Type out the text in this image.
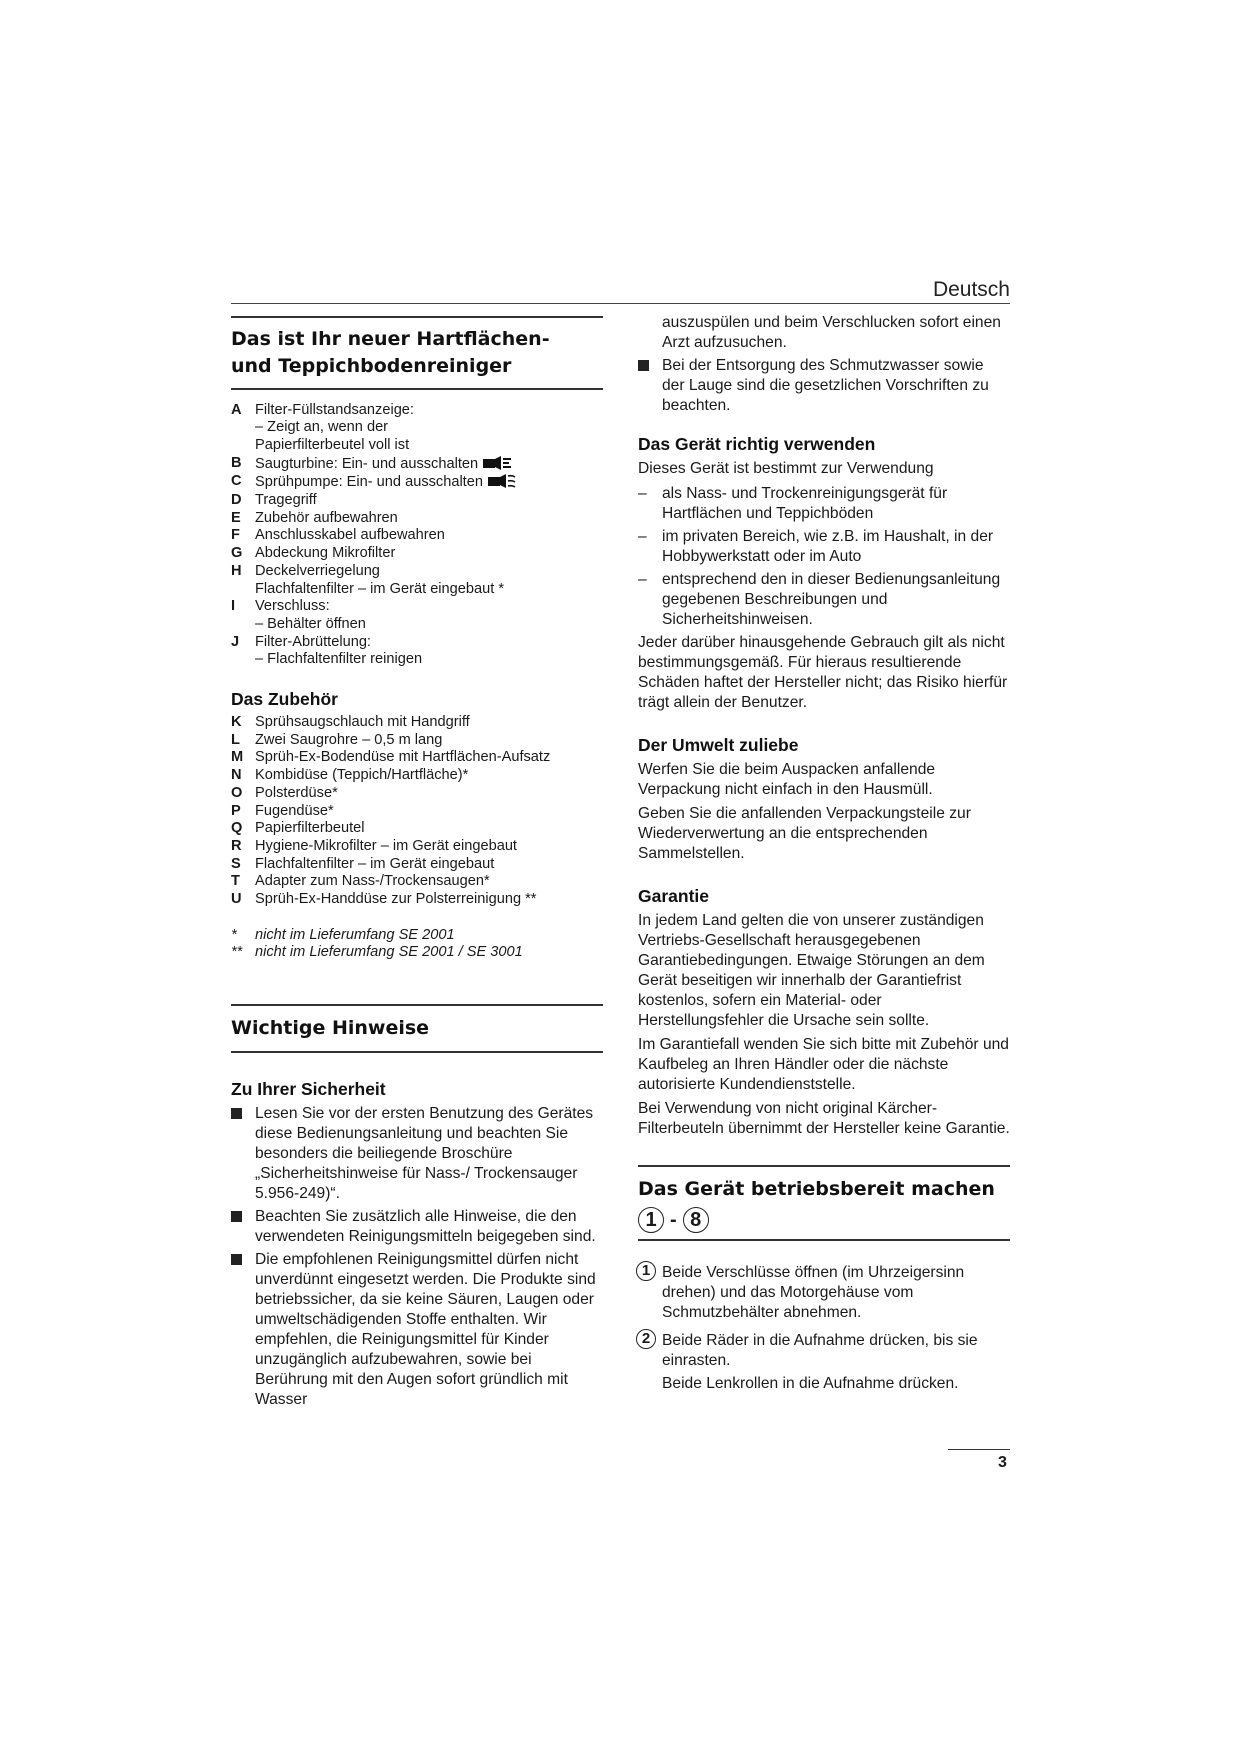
Deutsch
Das ist Ihr neuer Hartflächen-
und Teppichbodenreiniger
A Filter-Füllstandsanzeige:
– Zeigt an, wenn der
Papierfilterbeutel voll ist
B Saugturbine: Ein- und ausschalten
C Sprühpumpe: Ein- und ausschalten
D Tragegriff
E Zubehör aufbewahren
F	Anschlusskabel aufbewahren
G Abdeckung Mikrofilter
H Deckelverriegelung
Flachfaltenfilter – im Gerät eingebaut *
I	Verschluss:
– Behälter öffnen
J	Filter-Abrüttelung:
– Flachfaltenfilter reinigen
Das Zubehör
K Sprühsaugschlauch mit Handgriff
L	Zwei Saugrohre – 0,5 m lang
M Sprüh-Ex-Bodendüse mit Hartflächen-Aufsatz
N Kombidüse (Teppich/Hartfläche)*
O Polsterdüse*
P Fugendüse*
Q Papierfilterbeutel
R Hygiene-Mikrofilter – im Gerät eingebaut
S Flachfaltenfilter – im Gerät eingebaut
T	Adapter zum Nass-/Trockensaugen*
U Sprüh-Ex-Handdüse zur Polsterreinigung **
* nicht im Lieferumfang SE 2001
** nicht im Lieferumfang SE 2001 / SE 3001
Wichtige Hinweise
Zu Ihrer Sicherheit
Lesen Sie vor der ersten Benutzung des Gerätes diese Bedienungsanleitung und beachten Sie besonders die beiliegende Broschüre „Sicherheitshinweise für Nass-/ Trockensauger 5.956-249)“.
Beachten Sie zusätzlich alle Hinweise, die den verwendeten Reinigungsmitteln beigegeben sind.
Die empfohlenen Reinigungsmittel dürfen nicht unverdünnt eingesetzt werden. Die Produkte sind betriebssicher, da sie keine Säuren, Laugen oder umweltschädigenden Stoffe enthalten. Wir empfehlen, die Reinigungsmittel für Kinder unzugänglich aufzubewahren, sowie bei Berührung mit den Augen sofort gründlich mit Wasser

auszuspülen und beim Verschlucken sofort einen Arzt aufzusuchen.

Bei der Entsorgung des Schmutzwasser sowie der Lauge sind die gesetzlichen Vorschriften zu beachten.
Das Gerät richtig verwenden

Dieses Gerät ist bestimmt zur Verwendung

– als Nass- und Trockenreinigungsgerät für Hartflächen und Teppichböden
– im privaten Bereich, wie z.B. im Haushalt, in der Hobbywerkstatt oder im Auto
– entsprechend den in dieser Bedienungsanleitung gegebenen Beschreibungen und Sicherheitshinweisen.

Jeder darüber hinausgehende Gebrauch gilt als nicht bestimmungsgemäß. Für hieraus resultierende Schäden haftet der Hersteller nicht; das Risiko hierfür trägt allein der Benutzer.

Der Umwelt zuliebe

Werfen Sie die beim Auspacken anfallende Verpackung nicht einfach in den Hausmüll.

Geben Sie die anfallenden Verpackungsteile zur Wiederverwertung an die entsprechenden Sammelstellen.

Garantie

In jedem Land gelten die von unserer zuständigen Vertriebs-Gesellschaft herausgegebenen Garantiebedingungen. Etwaige Störungen an dem Gerät beseitigen wir innerhalb der Garantiefrist kostenlos, sofern ein Material- oder Herstellungsfehler die Ursache sein sollte.

Im Garantiefall wenden Sie sich bitte mit Zubehör und Kaufbeleg an Ihren Händler oder die nächste autorisierte Kundendienststelle.

Bei Verwendung von nicht original Kärcher-Filterbeuteln übernimmt der Hersteller keine Garantie.

Das Gerät betriebsbereit machen
1 - 8
1 Beide Verschlüsse öffnen (im Uhrzeigersinn drehen) und das Motorgehäuse vom Schmutzbehälter abnehmen.
2 Beide Räder in die Aufnahme drücken, bis sie einrasten.
Beide Lenkrollen in die Aufnahme drücken.
3
